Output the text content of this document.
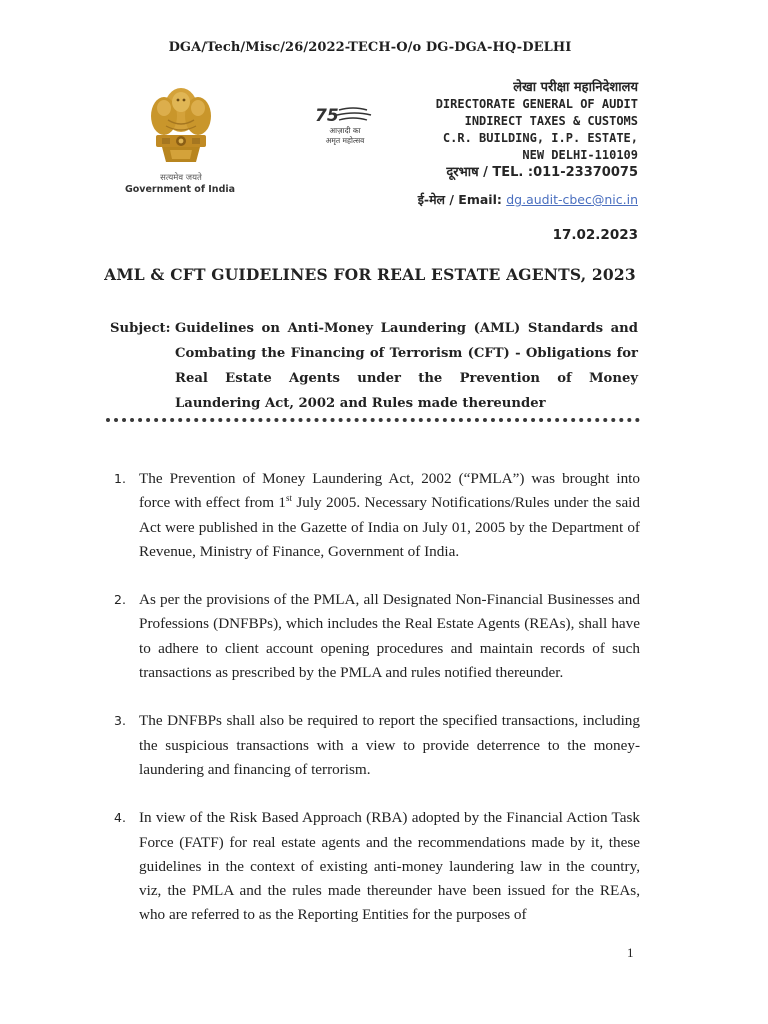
DGA/Tech/Misc/26/2022-TECH-O/o DG-DGA-HQ-DELHI
सत्यमेव जयते
Government of India
75
आज़ादी का
अमृत महोत्सव
लेखा परीक्षा महानिदेशालय
DIRECTORATE GENERAL OF AUDIT
INDIRECT TAXES & CUSTOMS
C.R. BUILDING, I.P. ESTATE,
NEW DELHI-110109
दूरभाष / TEL. :011-23370075
ई-मेल / Email: dg.audit-cbec@nic.in
17.02.2023
AML & CFT GUIDELINES FOR REAL ESTATE AGENTS, 2023
Subject: Guidelines on Anti-Money Laundering (AML) Standards and Combating the Financing of Terrorism (CFT) - Obligations for Real Estate Agents under the Prevention of Money Laundering Act, 2002 and Rules made thereunder
1. The Prevention of Money Laundering Act, 2002 (“PMLA”) was brought into force with effect from 1st July 2005. Necessary Notifications/Rules under the said Act were published in the Gazette of India on July 01, 2005 by the Department of Revenue, Ministry of Finance, Government of India.
2. As per the provisions of the PMLA, all Designated Non-Financial Businesses and Professions (DNFBPs), which includes the Real Estate Agents (REAs), shall have to adhere to client account opening procedures and maintain records of such transactions as prescribed by the PMLA and rules notified thereunder.
3. The DNFBPs shall also be required to report the specified transactions, including the suspicious transactions with a view to provide deterrence to the money-laundering and financing of terrorism.
4. In view of the Risk Based Approach (RBA) adopted by the Financial Action Task Force (FATF) for real estate agents and the recommendations made by it, these guidelines in the context of existing anti-money laundering law in the country, viz, the PMLA and the rules made thereunder have been issued for the REAs, who are referred to as the Reporting Entities for the purposes of
1
